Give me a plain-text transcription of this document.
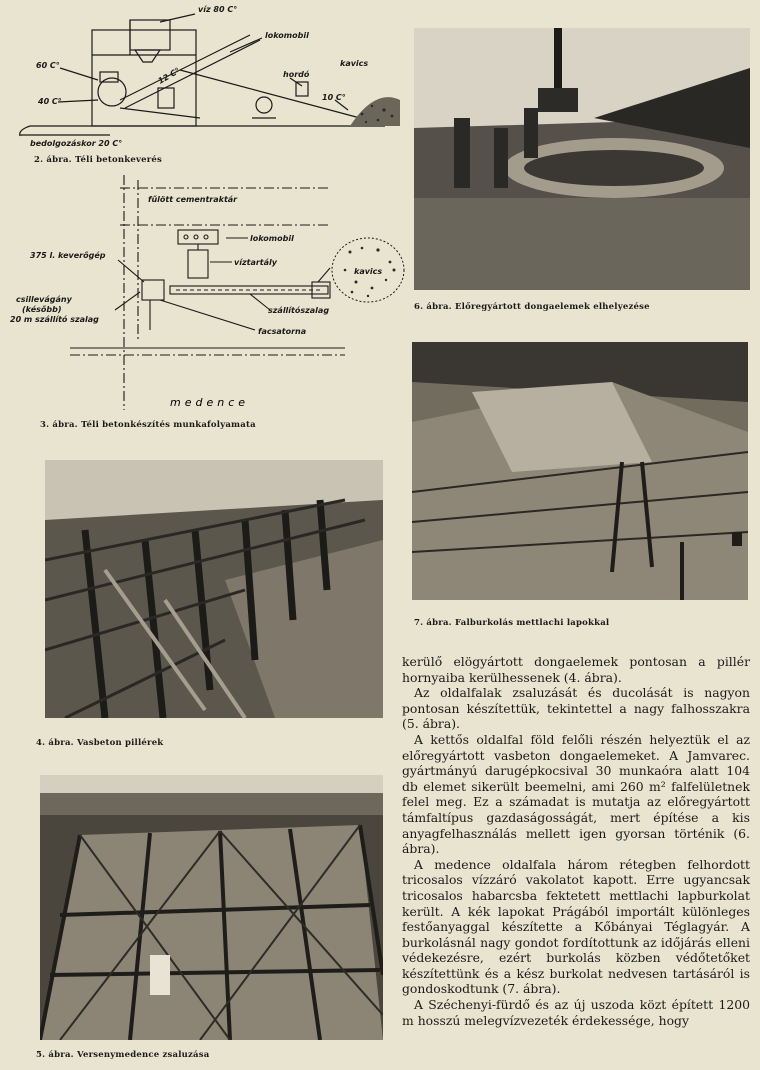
víz 80 C°
60 C°
40 C°
lokomobil
12 C°	hordó
kavics
10 C°
bedolgozáskor 20 C°
2. ábra. Téli betonkeverés
fűlött cementraktár
lokomobil
375 l. keverőgép
víztartály
kavics
csillevágány
(később)
20 m szállító szalag
szállítószalag
facsatorna
medence
3. ábra. Téli betonkészítés munkafolyamata
4. ábra. Vasbeton pillérek
5. ábra. Versenymedence zsaluzása
6. ábra. Előregyártott dongaelemek elhelyezése
7. ábra. Falburkolás mettlachi lapokkal

kerülő elögyártott dongaelemek pontosan a pillér hornyaiba kerülhessenek (4. ábra).

Az oldalfalak zsaluzását és ducolását is nagyon pontosan készítettük, tekintettel a nagy falhosszakra (5. ábra).

A kettős oldalfal föld felőli részén helyeztük el az előregyártott vasbeton dongaelemeket. A Jamvarec. gyártmányú darugépkocsival 30 munkaóra alatt 104 db elemet sikerült beemelni, ami 260 m² falfelületnek felel meg. Ez a számadat is mutatja az előregyártott támfaltípus gazdaságosságát, mert építése a kis anyagfelhasználás mellett igen gyorsan történik (6. ábra).

A medence oldalfala három rétegben felhordott tricosalos vízzáró vakolatot kapott. Erre ugyancsak tricosalos habarcsba fektetett mettlachi lapburkolat került. A kék lapokat Prágából importált különleges festőanyaggal készítette a Kőbányai Téglagyár. A burkolásnál nagy gondot fordítottunk az időjárás elleni védekezésre, ezért burkolás közben védőtetőket készítettünk és a kész burkolat nedvesen tartásáról is gondoskodtunk (7. ábra).

A Széchenyi-fürdő és az új uszoda közt épített 1200 m hosszú melegvízvezeték érdekessége, hogy
